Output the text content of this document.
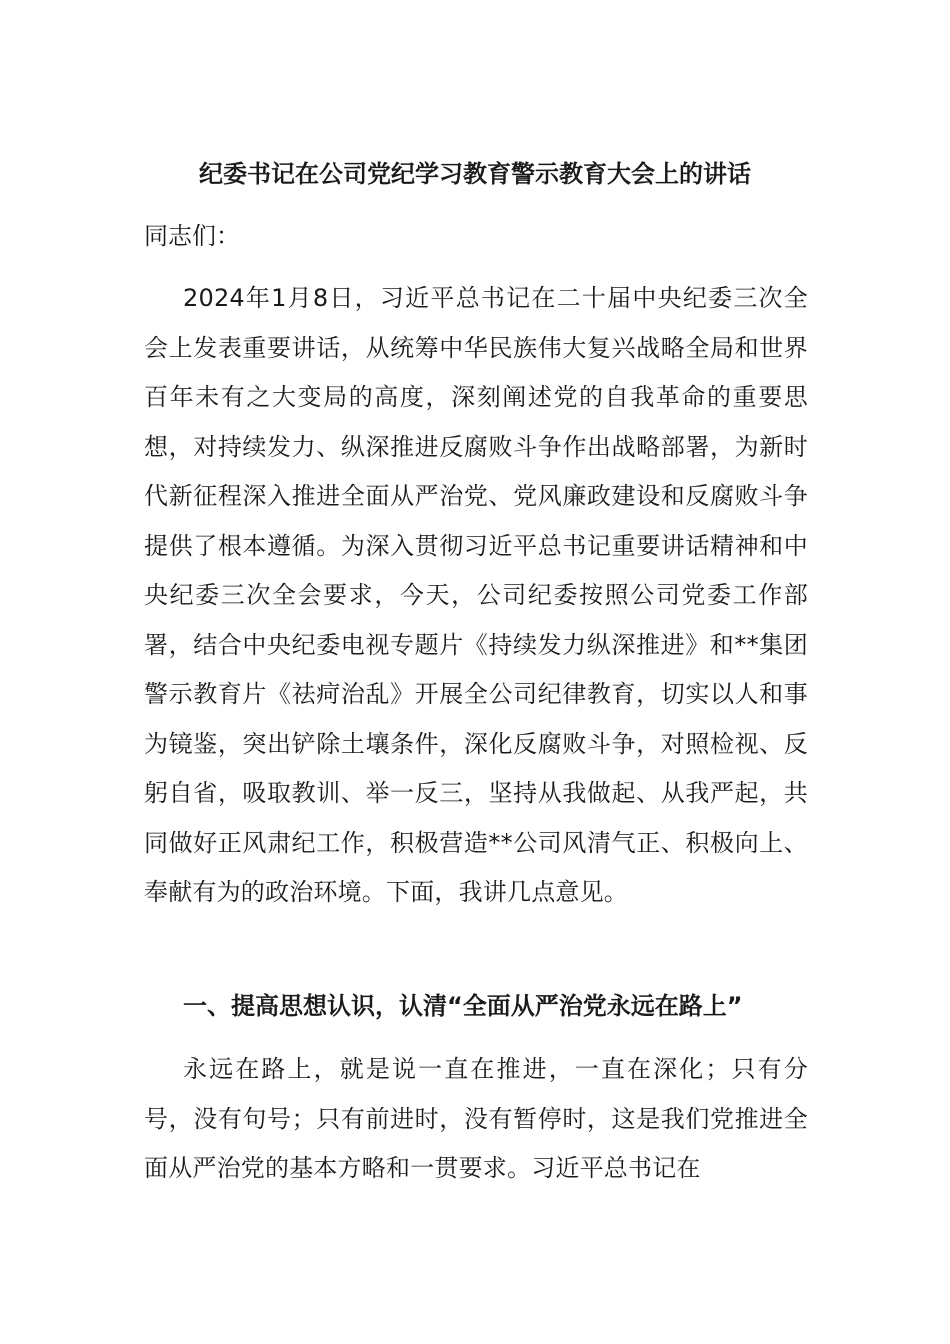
纪委书记在公司党纪学习教育警示教育大会上的讲话

同志们：

2024年1月8日，习近平总书记在二十届中央纪委三次全会上发表重要讲话，从统筹中华民族伟大复兴战略全局和世界百年未有之大变局的高度，深刻阐述党的自我革命的重要思想，对持续发力、纵深推进反腐败斗争作出战略部署，为新时代新征程深入推进全面从严治党、党风廉政建设和反腐败斗争提供了根本遵循。为深入贯彻习近平总书记重要讲话精神和中央纪委三次全会要求，今天，公司纪委按照公司党委工作部署，结合中央纪委电视专题片《持续发力纵深推进》和**集团警示教育片《祛疴治乱》开展全公司纪律教育，切实以人和事为镜鉴，突出铲除土壤条件，深化反腐败斗争，对照检视、反躬自省，吸取教训、举一反三，坚持从我做起、从我严起，共同做好正风肃纪工作，积极营造**公司风清气正、积极向上、奉献有为的政治环境。下面，我讲几点意见。

一、提高思想认识，认清“全面从严治党永远在路上”

永远在路上，就是说一直在推进，一直在深化；只有分号，没有句号；只有前进时，没有暂停时，这是我们党推进全面从严治党的基本方略和一贯要求。习近平总书记在
